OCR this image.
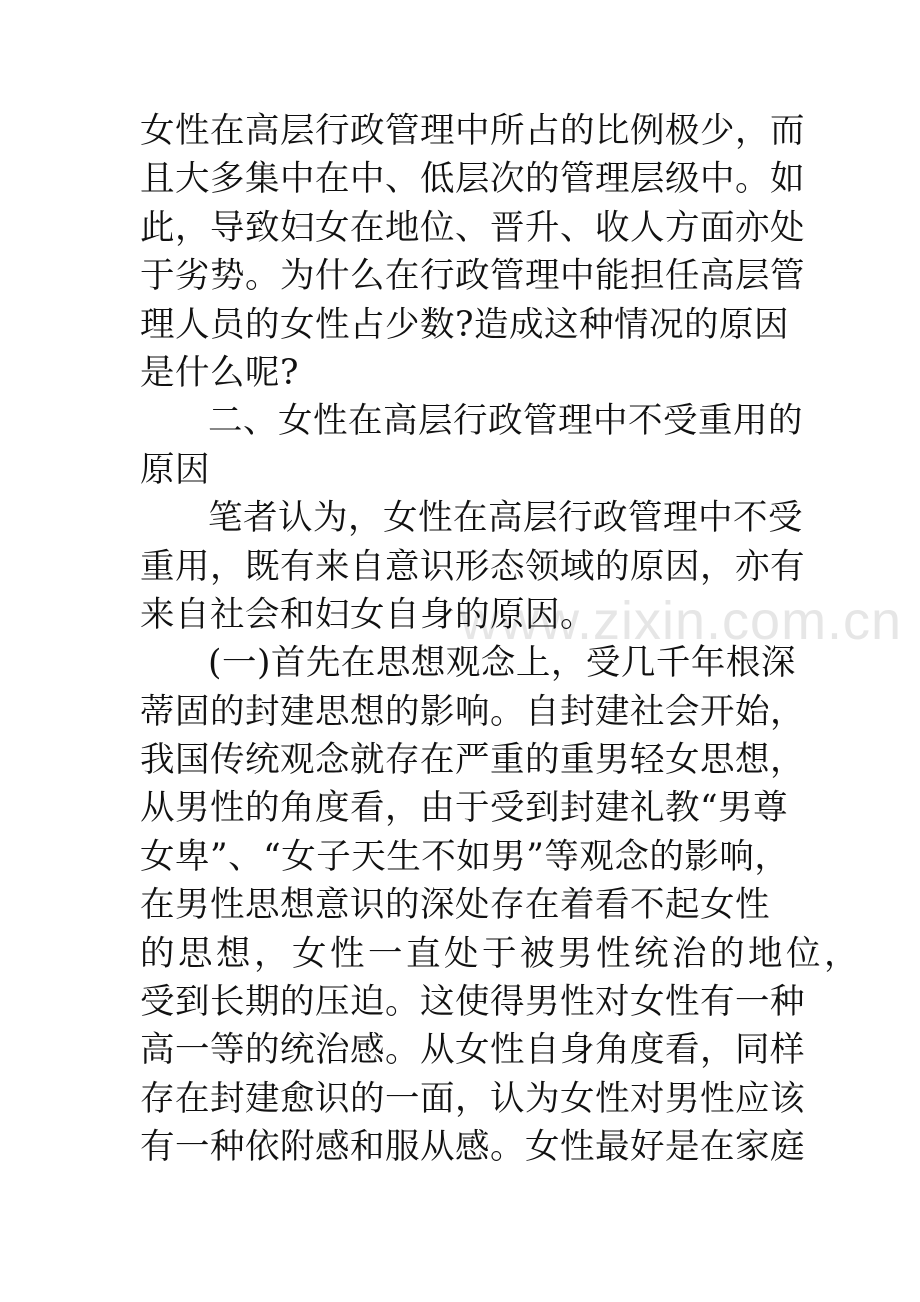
www.zixin.com.cn
女性在高层行政管理中所占的比例极少，而
且大多集中在中、低层次的管理层级中。如
此，导致妇女在地位、晋升、收人方面亦处
于劣势。为什么在行政管理中能担任高层管
理人员的女性占少数?造成这种情况的原因
是什么呢?
二、女性在高层行政管理中不受重用的
原因
笔者认为，女性在高层行政管理中不受
重用，既有来自意识形态领域的原因，亦有
来自社会和妇女自身的原因。
(一)首先在思想观念上，受几千年根深
蒂固的封建思想的影响。自封建社会开始，
我国传统观念就存在严重的重男轻女思想，
从男性的角度看，由于受到封建礼教“男尊
女卑”、“女子天生不如男”等观念的影响，
在男性思想意识的深处存在着看不起女性
的思想，女性一直处于被男性统治的地位，
受到长期的压迫。这使得男性对女性有一种
高一等的统治感。从女性自身角度看，同样
存在封建愈识的一面，认为女性对男性应该
有一种依附感和服从感。女性最好是在家庭
